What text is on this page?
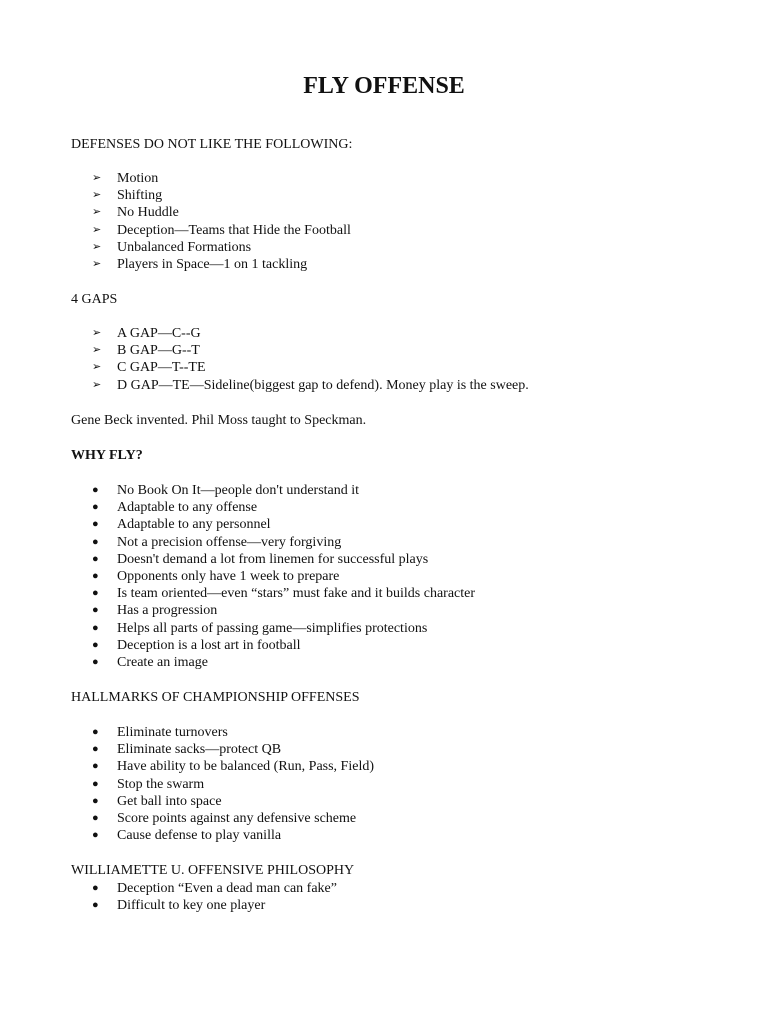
FLY OFFENSE
DEFENSES DO NOT LIKE THE FOLLOWING:
➢	Motion
➢	Shifting
➢	No Huddle
➢	Deception—Teams that Hide the Football
➢	Unbalanced Formations
➢	Players in Space—1 on 1 tackling
4 GAPS
➢	A GAP—C--G
➢	B GAP—G--T
➢	C GAP—T--TE
➢	D GAP—TE—Sideline(biggest gap to defend). Money play is the sweep.
Gene Beck invented. Phil Moss taught to Speckman.
WHY FLY?
●	No Book On It—people don't understand it
●	Adaptable to any offense
●	Adaptable to any personnel
●	Not a precision offense—very forgiving
●	Doesn't demand a lot from linemen for successful plays
●	Opponents only have 1 week to prepare
●	Is team oriented—even “stars” must fake and it builds character
●	Has a progression
●	Helps all parts of passing game—simplifies protections
●	Deception is a lost art in football
●	Create an image
HALLMARKS OF CHAMPIONSHIP OFFENSES
●	Eliminate turnovers
●	Eliminate sacks—protect QB
●	Have ability to be balanced (Run, Pass, Field)
●	Stop the swarm
●	Get ball into space
●	Score points against any defensive scheme
●	Cause defense to play vanilla
WILLIAMETTE U. OFFENSIVE PHILOSOPHY
●	Deception “Even a dead man can fake”
●	Difficult to key one player
